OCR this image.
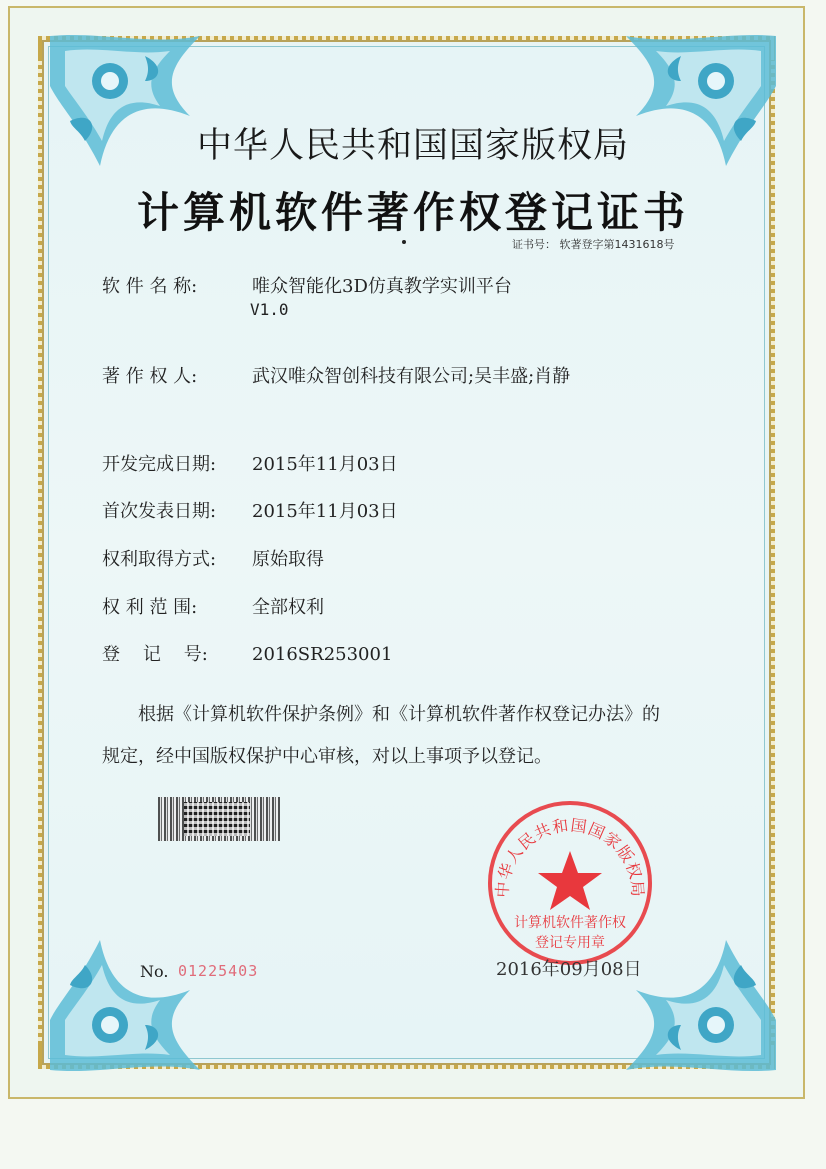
中华人民共和国国家版权局
计算机软件著作权登记证书
证书号： 软著登字第1431618号
软 件 名 称:	唯众智能化3D仿真教学实训平台
V1.0
著 作 权 人:	武汉唯众智创科技有限公司;吴丰盛;肖静
开发完成日期: 2015年11月03日
首次发表日期: 2015年11月03日
权利取得方式: 原始取得
权 利 范 围:	全部权利
登    记    号: 2016SR253001
根据《计算机软件保护条例》和《计算机软件著作权登记办法》的
规定，经中国版权保护中心审核，对以上事项予以登记。
No. 01225403
中华人民共和国国家版权局
计算机软件著作权
登记专用章
2016年09月08日
